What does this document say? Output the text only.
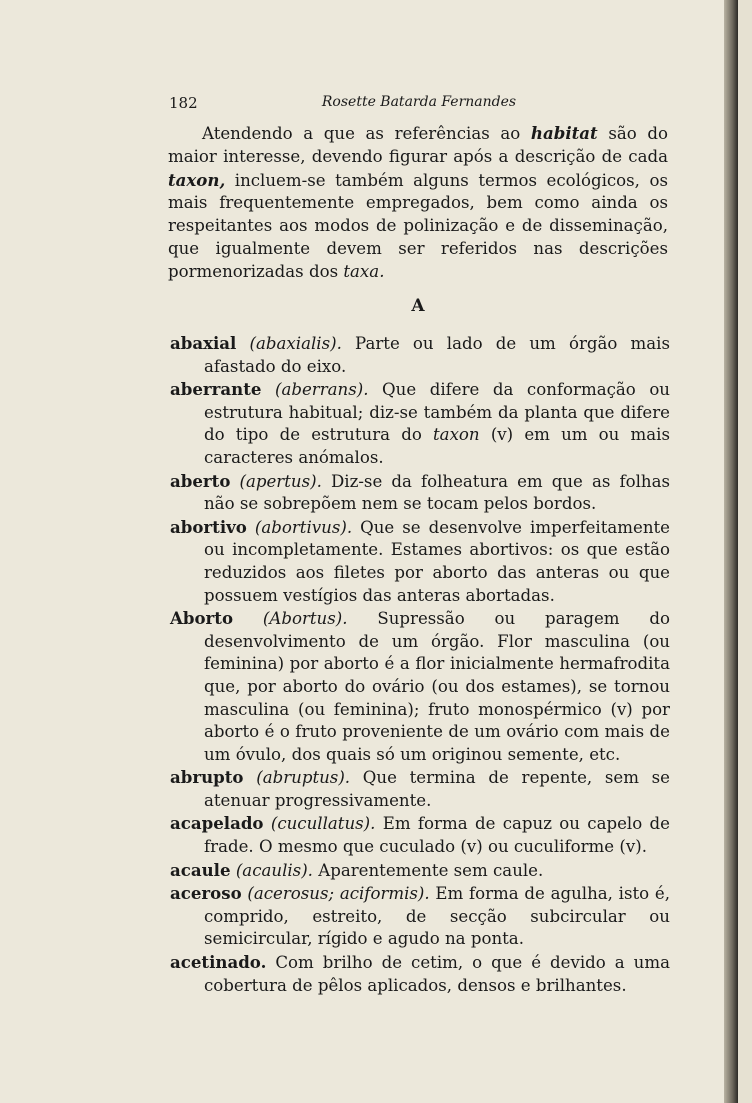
182	Rosette Batarda Fernandes

Atendendo a que as referências ao habitat são do maior interesse, devendo figurar após a descrição de cada taxon, incluem-se também alguns termos ecológicos, os mais frequentemente empregados, bem como ainda os respeitantes aos modos de polinização e de disseminação, que igualmente devem ser referidos nas descrições pormenorizadas dos taxa.

A

abaxial (abaxialis). Parte ou lado de um órgão mais afastado do eixo.

aberrante (aberrans). Que difere da conformação ou estrutura habitual; diz-se também da planta que difere do tipo de estrutura do taxon (v) em um ou mais caracteres anómalos.

aberto (apertus). Diz-se da folheatura em que as folhas não se sobrepõem nem se tocam pelos bordos.

abortivo (abortivus). Que se desenvolve imperfeitamente ou incompletamente. Estames abortivos: os que estão reduzidos aos filetes por aborto das anteras ou que possuem vestígios das anteras abortadas.

Aborto (Abortus). Supressão ou paragem do desenvolvimento de um órgão. Flor masculina (ou feminina) por aborto é a flor inicialmente hermafrodita que, por aborto do ovário (ou dos estames), se tornou masculina (ou feminina); fruto monospérmico (v) por aborto é o fruto proveniente de um ovário com mais de um óvulo, dos quais só um originou semente, etc.

abrupto (abruptus). Que termina de repente, sem se atenuar progressivamente.

acapelado (cucullatus). Em forma de capuz ou capelo de frade. O mesmo que cuculado (v) ou cuculiforme (v).

acaule (acaulis). Aparentemente sem caule.

aceroso (acerosus; aciformis). Em forma de agulha, isto é, comprido, estreito, de secção subcircular ou semicircular, rígido e agudo na ponta.

acetinado. Com brilho de cetim, o que é devido a uma cobertura de pêlos aplicados, densos e brilhantes.
